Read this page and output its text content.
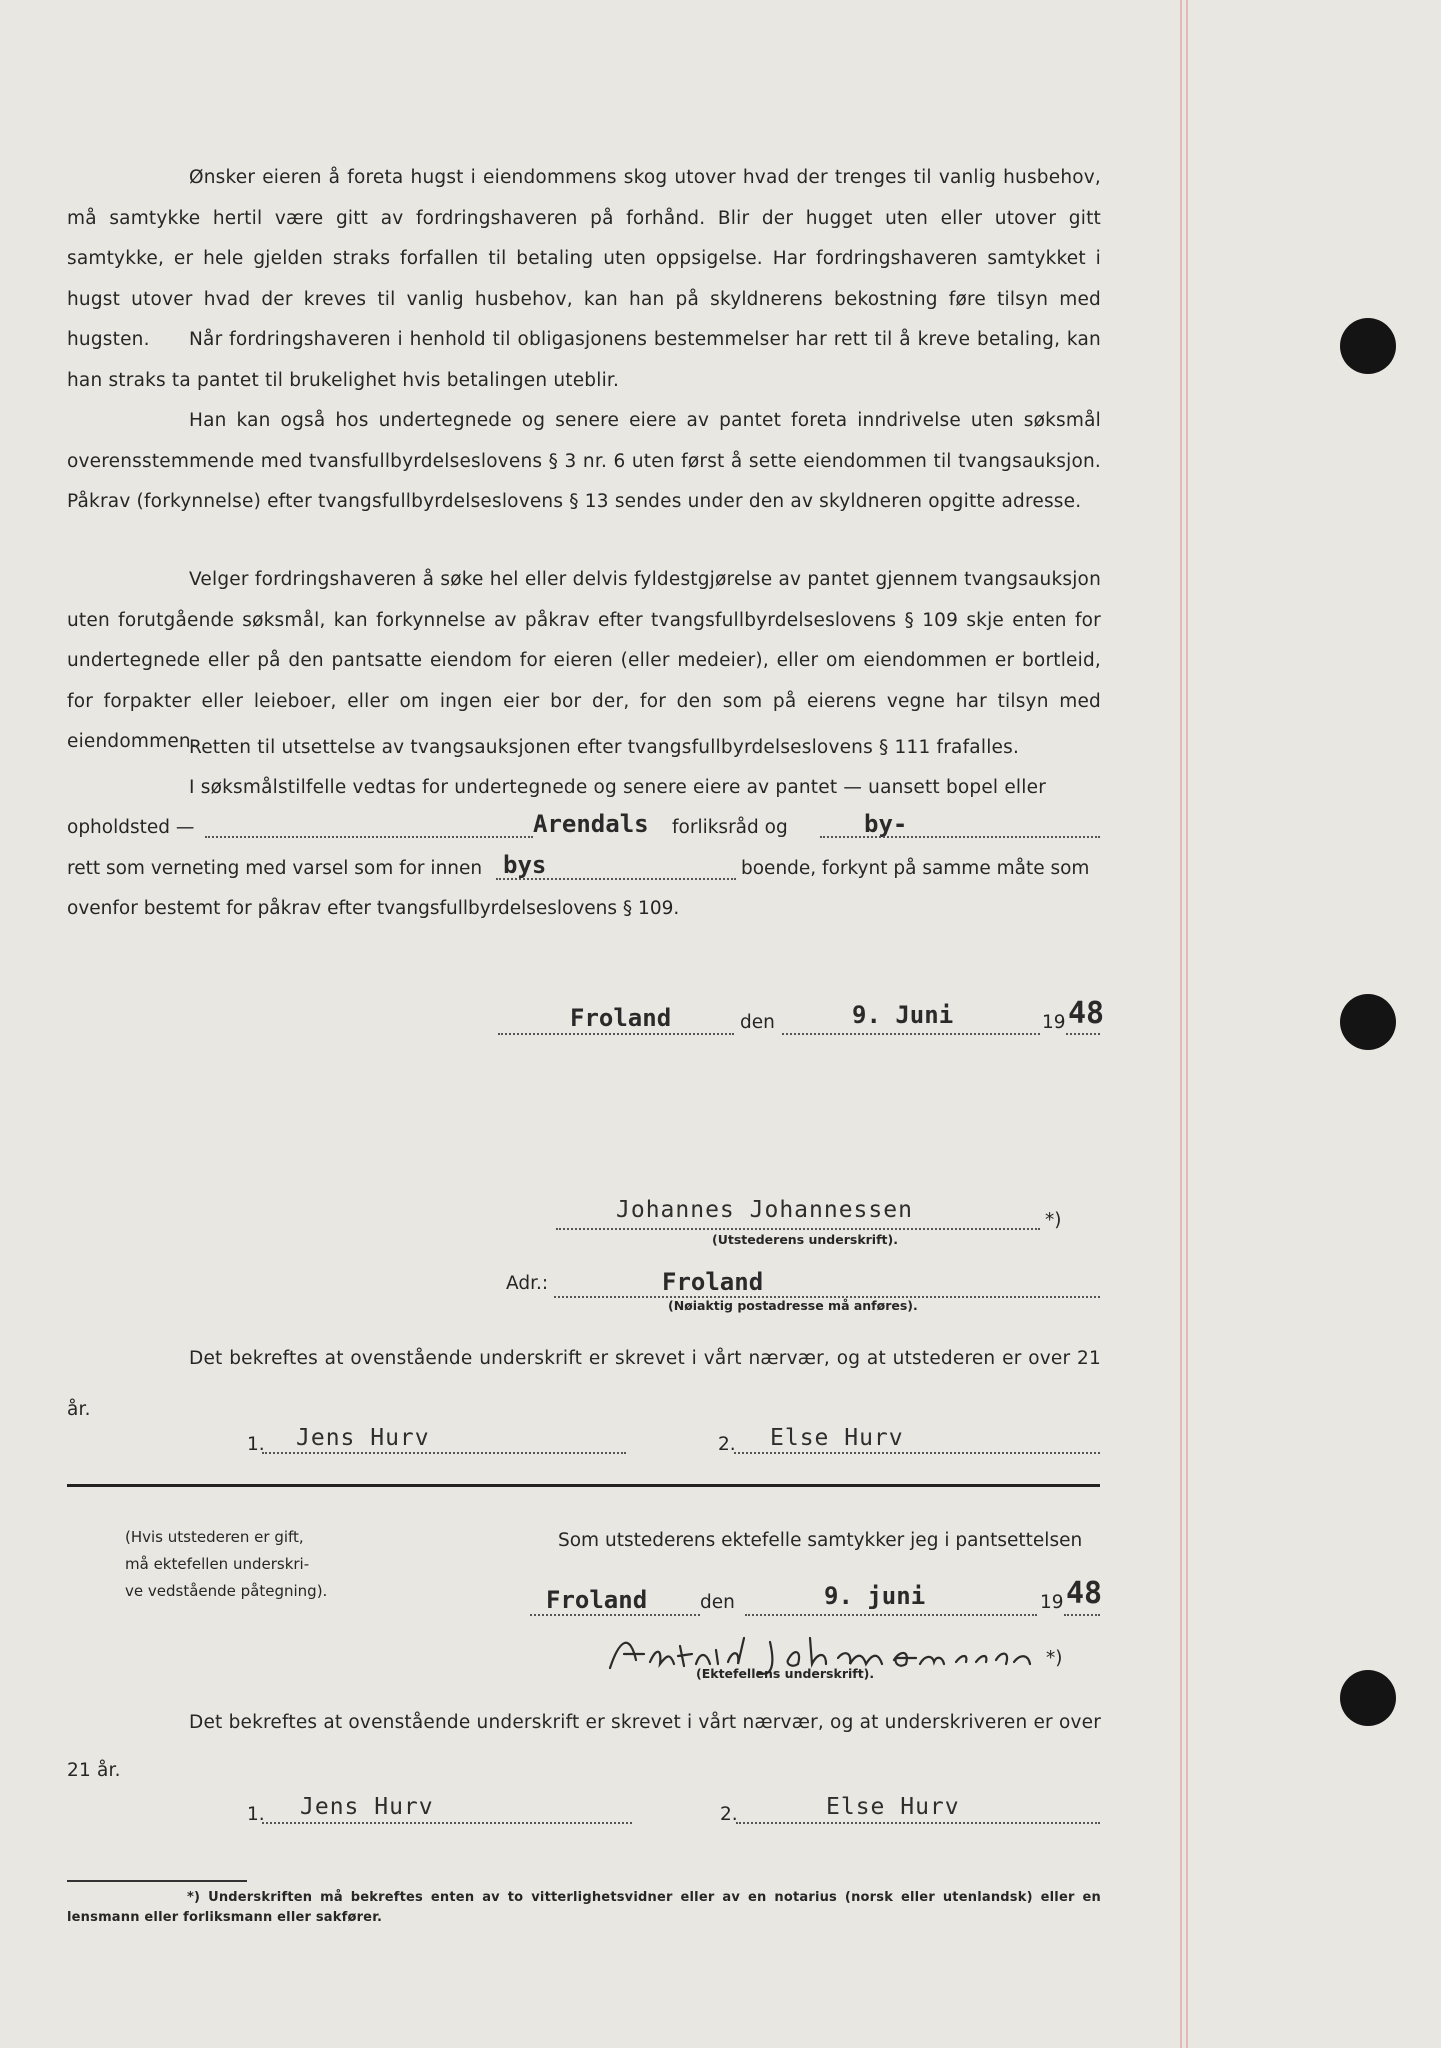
Ønsker eieren å foreta hugst i eiendommens skog utover hvad der trenges til vanlig husbehov, må samtykke hertil være gitt av fordringshaveren på forhånd. Blir der hugget uten eller utover gitt samtykke, er hele gjelden straks forfallen til betaling uten oppsigelse. Har fordringshaveren samtykket i hugst utover hvad der kreves til vanlig husbehov, kan han på skyldnerens bekostning føre tilsyn med hugsten.	Når fordringshaveren i henhold til obligasjonens bestemmelser har rett til å kreve betaling, kan han straks ta pantet til brukelighet hvis betalingen uteblir.

Han kan også hos undertegnede og senere eiere av pantet foreta inndrivelse uten søksmål overensstemmende med tvansfullbyrdelseslovens § 3 nr. 6 uten først å sette eiendommen til tvangsauksjon. Påkrav (forkynnelse) efter tvangsfullbyrdelseslovens § 13 sendes under den av skyldneren opgitte adresse.

Velger fordringshaveren å søke hel eller delvis fyldestgjørelse av pantet gjennem tvangsauksjon uten forutgående søksmål, kan forkynnelse av påkrav efter tvangsfullbyrdelseslovens § 109 skje enten for undertegnede eller på den pantsatte eiendom for eieren (eller medeier), eller om eiendommen er bortleid, for forpakter eller leieboer, eller om ingen eier bor der, for den som på eierens vegne har tilsyn med eiendommen.

Retten til utsettelse av tvangsauksjonen efter tvangsfullbyrdelseslovens § 111 frafalles.

I søksmålstilfelle vedtas for undertegnede og senere eiere av pantet — uansett bopel eller

opholdsted —	Arendals forliksråd og	by-
rett som verneting med varsel som for innen bys	boende, forkynt på samme måte som
ovenfor bestemt for påkrav efter tvangsfullbyrdelseslovens § 109.
Froland	den	9. Juni	19 48
Johannes Johannessen	*)
(Utstederens underskrift).
Adr.:	Froland
(Nøiaktig postadresse må anføres).

Det bekreftes at ovenstående underskrift er skrevet i vårt nærvær, og at utstederen er over 21 år.

1. Jens Hurv	2. Else Hurv
(Hvis utstederen er gift,
må ektefellen underskri-
ve vedstående påtegning).
Som utstederens ektefelle samtykker jeg i pantsettelsen
Froland	den	9. juni	19 48
*)
(Ektefellens underskrift).

Det bekreftes at ovenstående underskrift er skrevet i vårt nærvær, og at underskriveren er over 21 år.

1. Jens Hurv	2.	Else Hurv

*) Underskriften må bekreftes enten av to vitterlighetsvidner eller av en notarius (norsk eller utenlandsk) eller en lensmann eller forliksmann eller sakfører.
